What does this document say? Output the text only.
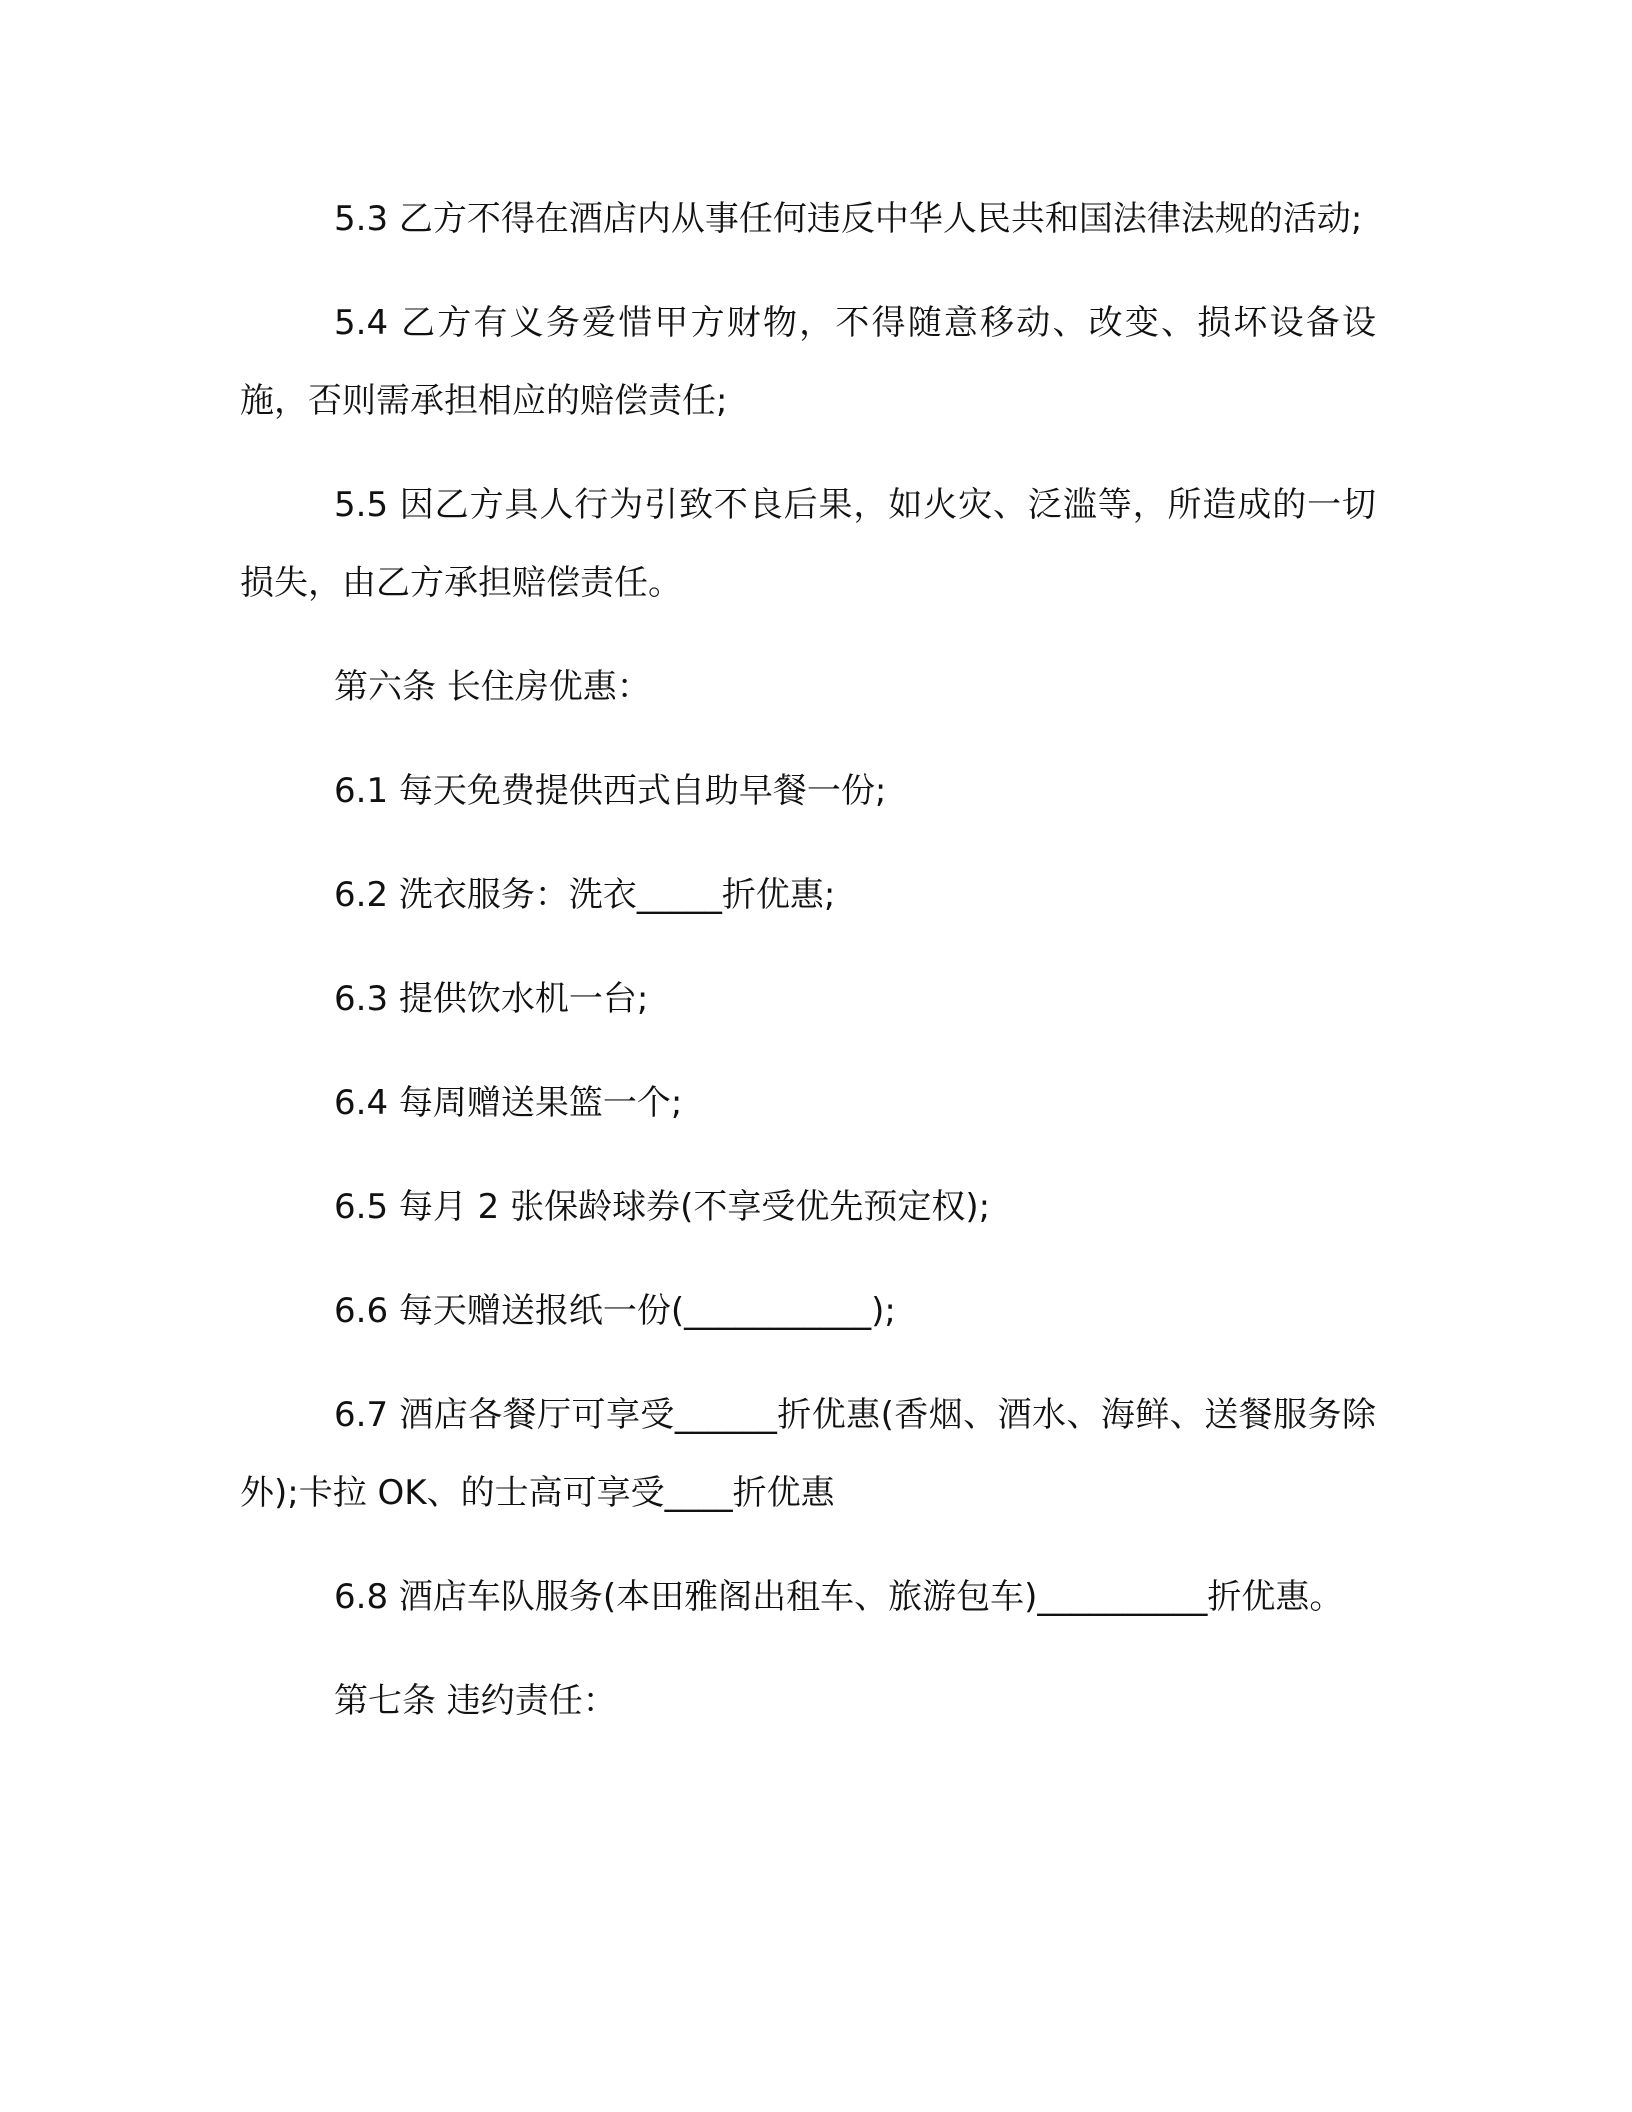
5.3 乙方不得在酒店内从事任何违反中华人民共和国法律法规的活动;

5.4 乙方有义务爱惜甲方财物，不得随意移动、改变、损坏设备设施，否则需承担相应的赔偿责任;

5.5 因乙方具人行为引致不良后果，如火灾、泛滥等，所造成的一切损失，由乙方承担赔偿责任。

第六条 长住房优惠：

6.1 每天免费提供西式自助早餐一份;

6.2 洗衣服务：洗衣_____折优惠;

6.3 提供饮水机一台;

6.4 每周赠送果篮一个;

6.5 每月 2 张保龄球券(不享受优先预定权);

6.6 每天赠送报纸一份(___________);

6.7 酒店各餐厅可享受______折优惠(香烟、酒水、海鲜、送餐服务除外);卡拉 OK、的士高可享受____折优惠

6.8 酒店车队服务(本田雅阁出租车、旅游包车)__________折优惠。

第七条 违约责任：
